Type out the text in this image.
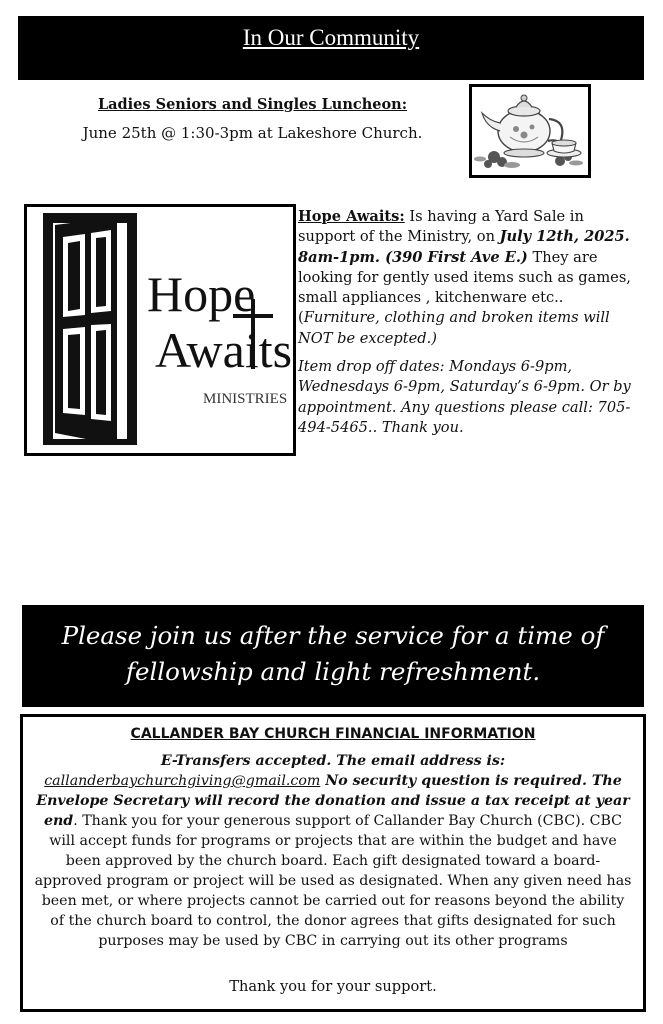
In Our Community
Ladies Seniors and Singles Luncheon:
June 25th @ 1:30-3pm at Lakeshore Church.
Hope
Awaits
MINISTRIES

Hope Awaits: Is having a Yard Sale in support of the Ministry, on July 12th, 2025. 8am-1pm. (390 First Ave E.) They are looking for gently used items such as games, small appliances , kitchenware etc.. (Furniture, clothing and broken items will NOT be excepted.)

Item drop off dates: Mondays 6-9pm, Wednesdays 6-9pm, Saturday’s 6-9pm. Or by appointment. Any questions please call: 705-494-5465.. Thank you.

Please join us after the service for a time of
fellowship and light refreshment.
CALLANDER BAY CHURCH FINANCIAL INFORMATION
E-Transfers accepted. The email address is: callanderbaychurchgiving@gmail.com No security question is required. The Envelope Secretary will record the donation and issue a tax receipt at year end. Thank you for your generous support of Callander Bay Church (CBC). CBC will accept funds for programs or projects that are within the budget and have been approved by the church board. Each gift designated toward a board-approved program or project will be used as designated. When any given need has been met, or where projects cannot be carried out for reasons beyond the ability of the church board to control, the donor agrees that gifts designated for such purposes may be used by CBC in carrying out its other programs
Thank you for your support.
